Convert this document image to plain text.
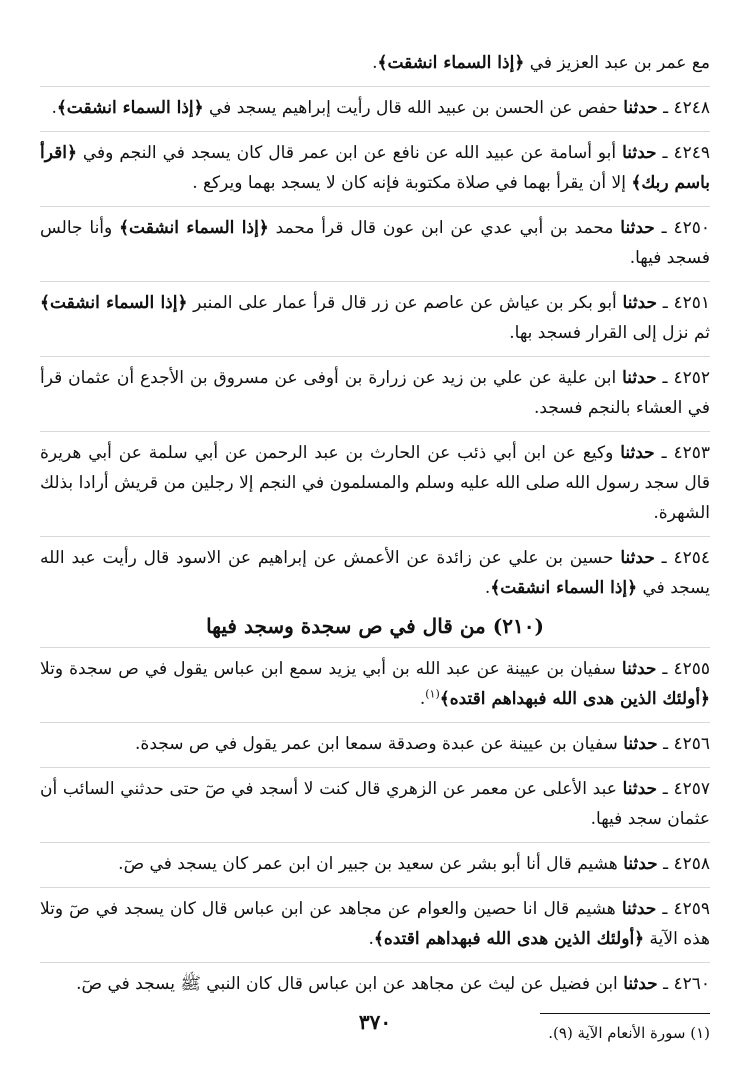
مع عمر بن عبد العزيز في ﴿إذا السماء انشقت﴾.
٤٢٤٨ ـ حدثنا حفص عن الحسن بن عبيد الله قال رأيت إبراهيم يسجد في ﴿إذا السماء انشقت﴾.
٤٢٤٩ ـ حدثنا أبو أسامة عن عبيد الله عن نافع عن ابن عمر قال كان يسجد في النجم وفي ﴿اقرأ باسم ربك﴾ إلا أن يقرأ بهما في صلاة مكتوبة فإنه كان لا يسجد بهما ويركع .
٤٢٥٠ ـ حدثنا محمد بن أبي عدي عن ابن عون قال قرأ محمد ﴿إذا السماء انشقت﴾ وأنا جالس فسجد فيها.
٤٢٥١ ـ حدثنا أبو بكر بن عياش عن عاصم عن زر قال قرأ عمار على المنبر ﴿إذا السماء انشقت﴾ ثم نزل إلى القرار فسجد بها.
٤٢٥٢ ـ حدثنا ابن علية عن علي بن زيد عن زرارة بن أوفى عن مسروق بن الأجدع أن عثمان قرأ في العشاء بالنجم فسجد.
٤٢٥٣ ـ حدثنا وكيع عن ابن أبي ذئب عن الحارث بن عبد الرحمن عن أبي سلمة عن أبي هريرة قال سجد رسول الله صلى الله عليه وسلم والمسلمون في النجم إلا رجلين من قريش أرادا بذلك الشهرة.
٤٢٥٤ ـ حدثنا حسين بن علي عن زائدة عن الأعمش عن إبراهيم عن الاسود قال رأيت عبد الله يسجد في ﴿إذا السماء انشقت﴾.
(٢١٠) من قال في ص سجدة وسجد فيها
٤٢٥٥ ـ حدثنا سفيان بن عيينة عن عبد الله بن أبي يزيد سمع ابن عباس يقول في ص سجدة وتلا ﴿أولئك الذين هدى الله فبهداهم اقتده﴾$^{(١)}$.
٤٢٥٦ ـ حدثنا سفيان بن عيينة عن عبدة وصدقة سمعا ابن عمر يقول في ص سجدة.
٤٢٥٧ ـ حدثنا عبد الأعلى عن معمر عن الزهري قال كنت لا أسجد في صٓ حتى حدثني السائب أن عثمان سجد فيها.
٤٢٥٨ ـ حدثنا هشيم قال أنا أبو بشر عن سعيد بن جبير ان ابن عمر كان يسجد في صٓ.
٤٢٥٩ ـ حدثنا هشيم قال انا حصين والعوام عن مجاهد عن ابن عباس قال كان يسجد في صٓ وتلا هذه الآية ﴿أولئك الذين هدى الله فبهداهم اقتده﴾.
٤٢٦٠ ـ حدثنا ابن فضيل عن ليث عن مجاهد عن ابن عباس قال كان النبي ﷺ يسجد في صٓ.
(١) سورة الأنعام الآية (٩).
٣٧٠
